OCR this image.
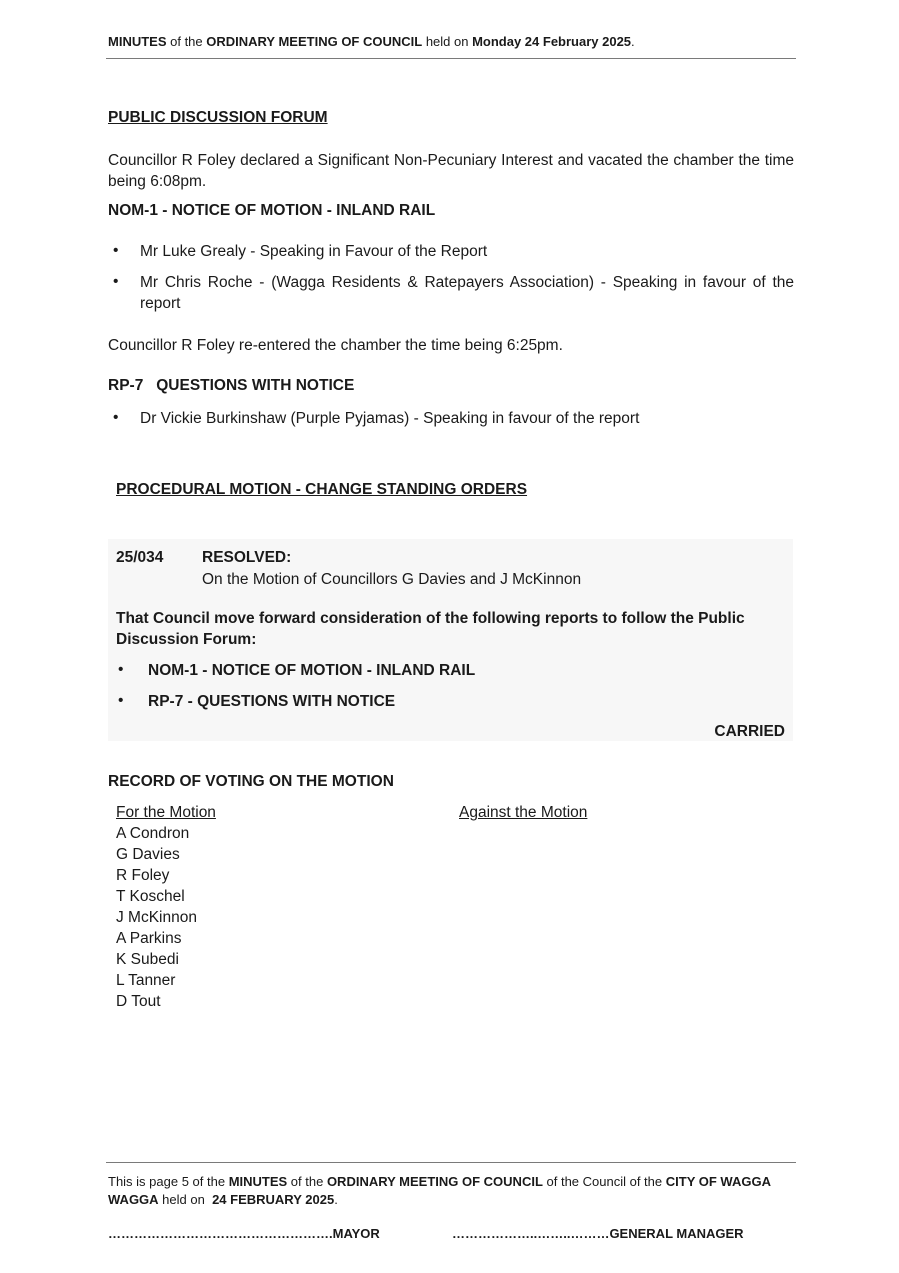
MINUTES of the ORDINARY MEETING OF COUNCIL held on Monday 24 February 2025.
PUBLIC DISCUSSION FORUM
Councillor R Foley declared a Significant Non-Pecuniary Interest and vacated the chamber the time being 6:08pm.
NOM-1 - NOTICE OF MOTION - INLAND RAIL
• Mr Luke Grealy - Speaking in Favour of the Report
• Mr Chris Roche - (Wagga Residents & Ratepayers Association) - Speaking in favour of the report
Councillor R Foley re-entered the chamber the time being 6:25pm.
RP-7   QUESTIONS WITH NOTICE
• Dr Vickie Burkinshaw (Purple Pyjamas) - Speaking in favour of the report
PROCEDURAL MOTION - CHANGE STANDING ORDERS
25/034 RESOLVED:
On the Motion of Councillors G Davies and J McKinnon
That Council move forward consideration of the following reports to follow the Public Discussion Forum:
• NOM-1 - NOTICE OF MOTION - INLAND RAIL
• RP-7 - QUESTIONS WITH NOTICE
CARRIED
RECORD OF VOTING ON THE MOTION
For the Motion	Against the Motion
A Condron
G Davies
R Foley
T Koschel
J McKinnon
A Parkins
K Subedi
L Tanner
D Tout
This is page 5 of the MINUTES of the ORDINARY MEETING OF COUNCIL of the Council of the CITY OF WAGGA WAGGA held on  24 FEBRUARY 2025.
…………………………………………….MAYOR	………………..……..………GENERAL MANAGER
